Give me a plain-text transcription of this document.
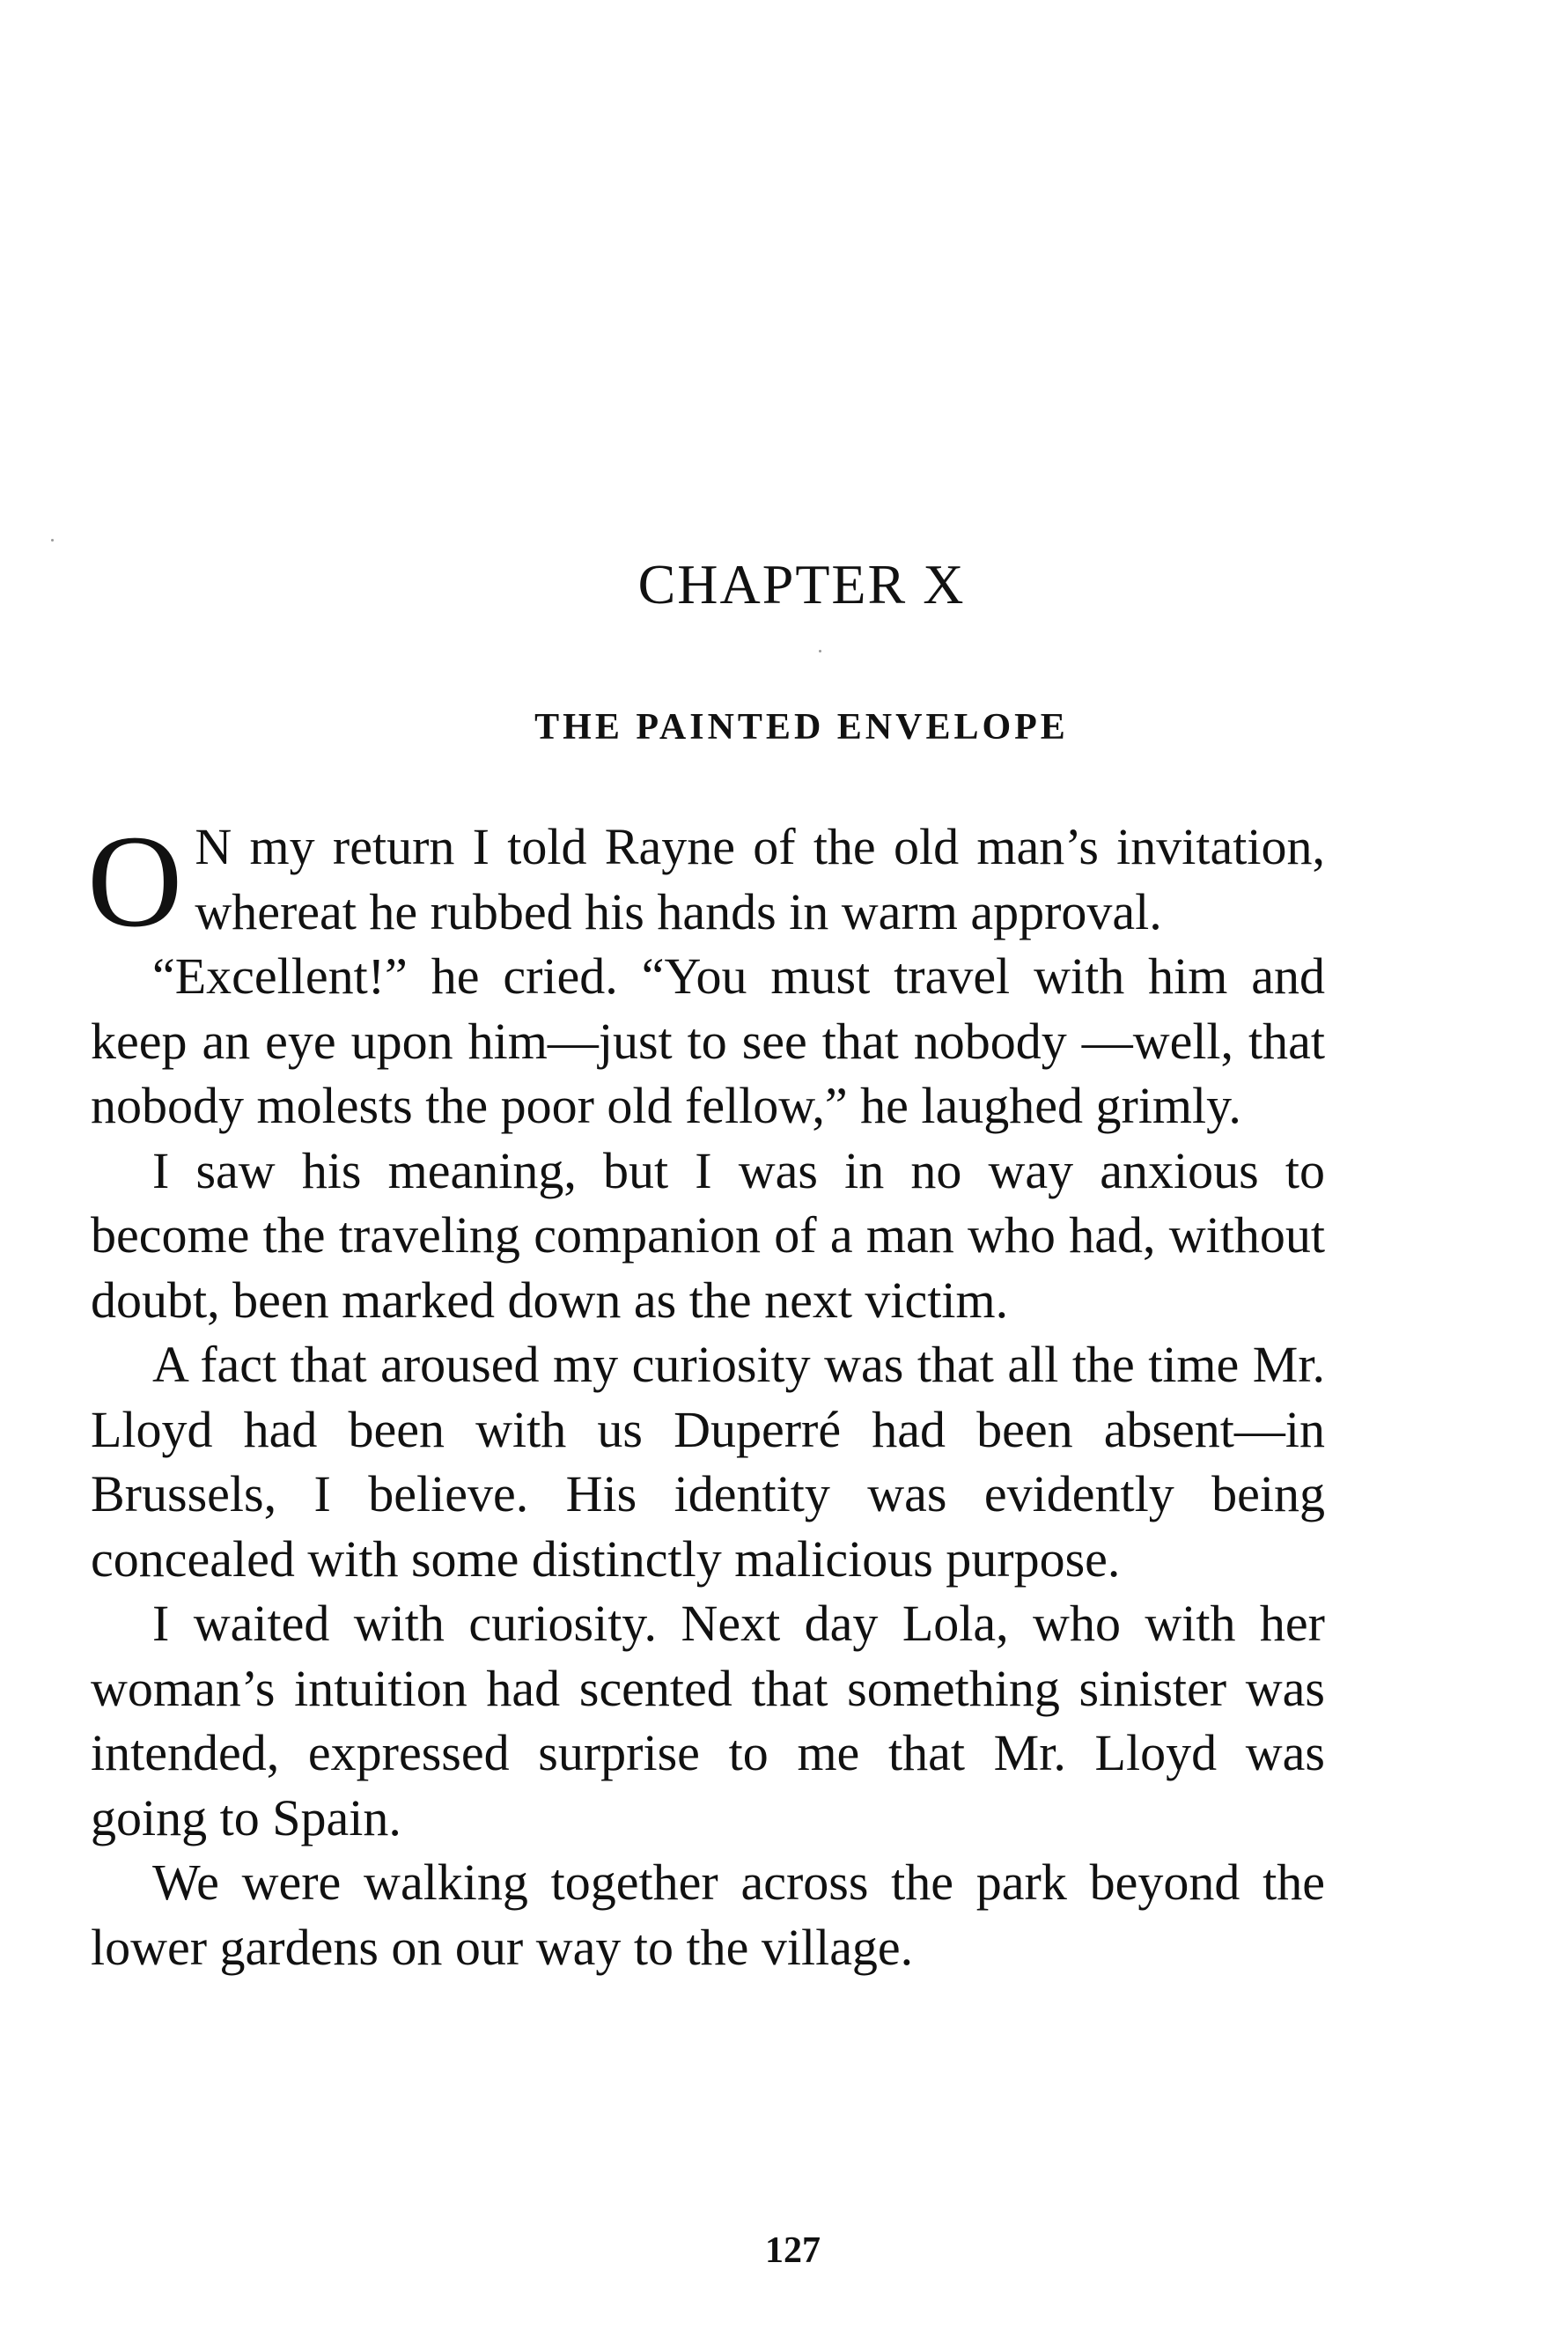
CHAPTER X
THE PAINTED ENVELOPE

O N my return I told Rayne of the old man’s invitation, whereat he rubbed his hands in warm approval.

“Excellent!” he cried. “You must travel with him and keep an eye upon him—just to see that nobody —well, that nobody molests the poor old fellow,” he laughed grimly.

I saw his meaning, but I was in no way anxious to become the traveling companion of a man who had, without doubt, been marked down as the next victim.

A fact that aroused my curiosity was that all the time Mr. Lloyd had been with us Duperré had been absent—in Brussels, I believe. His identity was evidently being concealed with some distinctly malicious purpose.

I waited with curiosity. Next day Lola, who with her woman’s intuition had scented that something sinister was intended, expressed surprise to me that Mr. Lloyd was going to Spain.

We were walking together across the park beyond the lower gardens on our way to the village.

127
